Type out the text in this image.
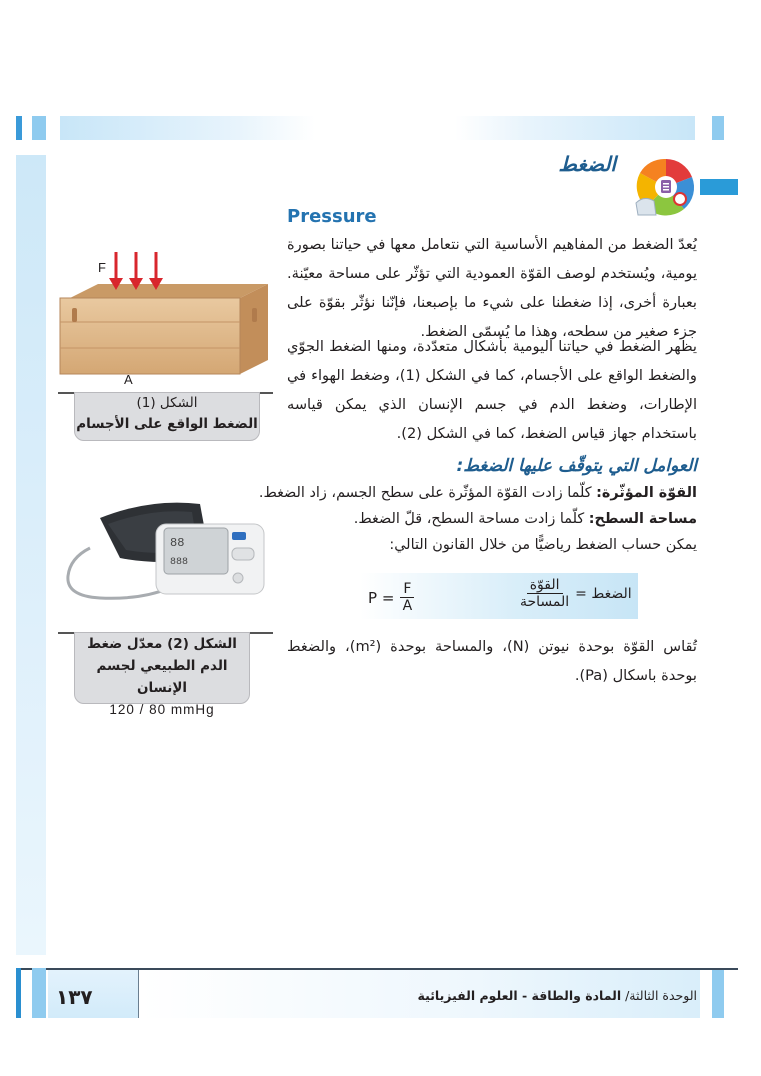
الضغط
Pressure
يُعدّ الضغط من المفاهيم الأساسية التي نتعامل معها في حياتنا بصورة يومية، ويُستخدم لوصف القوّة العمودية التي تؤثّر على مساحة معيّنة. بعبارة أخرى، إذا ضغطنا على شيء ما بإصبعنا، فإنّنا نؤثّر بقوّة على جزء صغير من سطحه، وهذا ما يُسمّى الضغط.
يظهر الضغط في حياتنا اليومية بأشكال متعدّدة، ومنها الضغط الجوّي والضغط الواقع على الأجسام، كما في الشكل (1)، وضغط الهواء في الإطارات، وضغط الدم في جسم الإنسان الذي يمكن قياسه باستخدام جهاز قياس الضغط، كما في الشكل (2).
العوامل التي يتوقّف عليها الضغط:
القوّة المؤثّرة: كلّما زادت القوّة المؤثّرة على سطح الجسم، زاد الضغط.
مساحة السطح: كلّما زادت مساحة السطح، قلّ الضغط.
يمكن حساب الضغط رياضيًّا من خلال القانون التالي:
$P = \frac{F}{A}$	الضغط =
$\frac{\text{القوّة}}{\text{المساحة}}$
تُقاس القوّة بوحدة نيوتن (N)، والمساحة بوحدة (m²)، والضغط بوحدة باسكال (Pa).
F
A
الشكل (1)
الضغط الواقع على الأجسام
88
888
الشكل (2) معدّل ضغط
الدم الطبيعي لجسم الإنسان
120 / 80 mmHg
١٣٧	الوحدة الثالثة/ المادة والطاقة - العلوم الفيزيائية
